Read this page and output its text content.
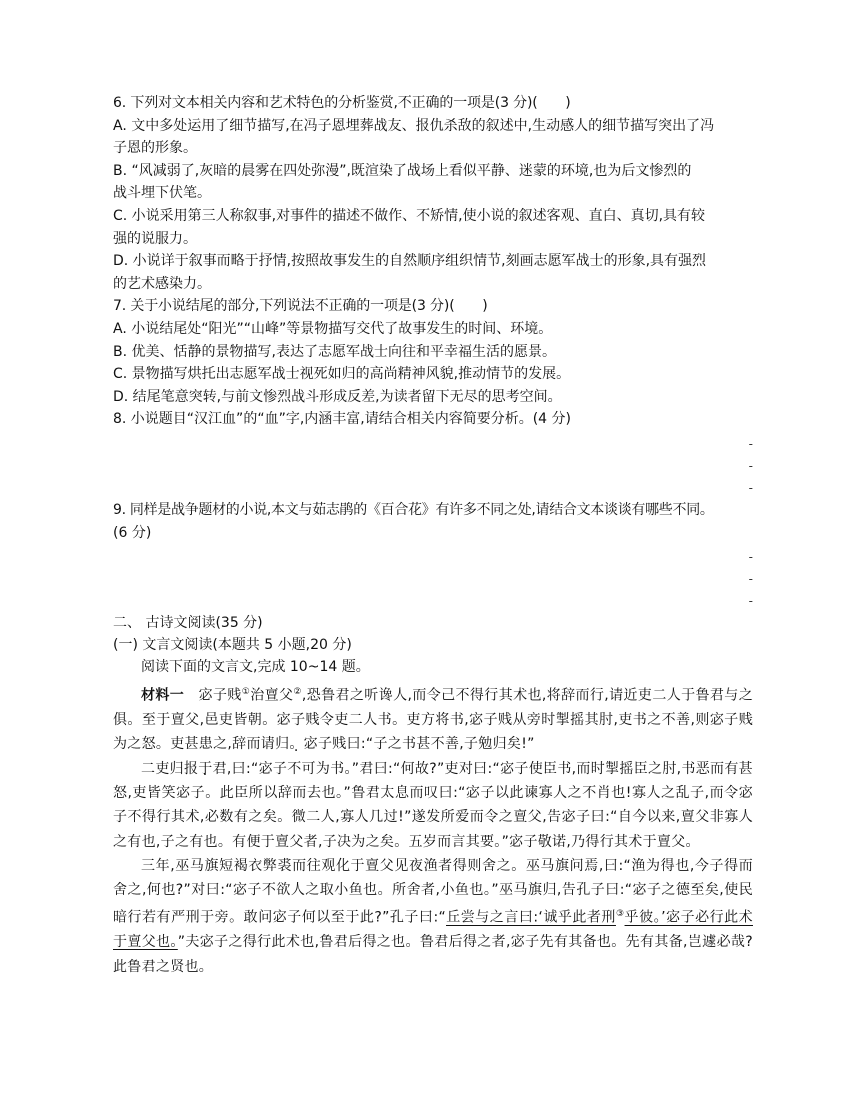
6. 下列对文本相关内容和艺术特色的分析鉴赏,不正确的一项是(3 分)(　　)
A. 文中多处运用了细节描写,在冯子恩埋葬战友、报仇杀敌的叙述中,生动感人的细节描写突出了冯
子恩的形象。
B. “风减弱了,灰暗的晨雾在四处弥漫”,既渲染了战场上看似平静、迷蒙的环境,也为后文惨烈的
战斗埋下伏笔。
C. 小说采用第三人称叙事,对事件的描述不做作、不矫情,使小说的叙述客观、直白、真切,具有较
强的说服力。
D. 小说详于叙事而略于抒情,按照故事发生的自然顺序组织情节,刻画志愿军战士的形象,具有强烈
的艺术感染力。
7. 关于小说结尾的部分,下列说法不正确的一项是(3 分)(　　)
A. 小说结尾处“阳光”“山峰”等景物描写交代了故事发生的时间、环境。
B. 优美、恬静的景物描写,表达了志愿军战士向往和平幸福生活的愿景。
C. 景物描写烘托出志愿军战士视死如归的高尚精神风貌,推动情节的发展。
D. 结尾笔意突转,与前文惨烈战斗形成反差,为读者留下无尽的思考空间。
8. 小说题目“汉江血”的“血”字,内涵丰富,请结合相关内容简要分析。(4 分)
-
-
-
9. 同样是战争题材的小说,本文与茹志鹃的《百合花》有许多不同之处,请结合文本谈谈有哪些不同。
(6 分)
-
-
-
二、 古诗文阅读(35 分)
(一) 文言文阅读(本题共 5 小题,20 分)
阅读下面的文言文,完成 10~14 题。
材料一　宓子贱①治亶父②,恐鲁君之听谗人,而令己不得行其术也,将辞而行,请近吏二人于鲁君与之俱。至于亶父,邑吏皆朝。宓子贱令吏二人书。吏方将书,宓子贱从旁时掣摇其肘,吏书之不善,则宓子贱为之怒。吏甚患之,辞而请归。宓子贱曰:“子之书甚不善,子勉归矣!”
二吏归报于君,曰:“宓子不可为书。”君曰:“何故?”吏对曰:“宓子使臣书,而时掣摇臣之肘,书恶而有甚怒,吏皆笑宓子。此臣所以辞而去也。”鲁君太息而叹曰:“宓子以此谏寡人之不肖也!寡人之乱子,而令宓子不得行其术,必数有之矣。微二人,寡人几过!”遂发所爱而令之亶父,告宓子曰:“自今以来,亶父非寡人之有也,子之有也。有便于亶父者,子决为之矣。五岁而言其要。”宓子敬诺,乃得行其术于亶父。
三年,巫马旗短褐衣弊裘而往观化于亶父见夜渔者得则舍之。巫马旗问焉,曰:“渔为得也,今子得而舍之,何也?”对曰:“宓子不欲人之取小鱼也。所舍者,小鱼也。”巫马旗归,告孔子曰:“宓子之德至矣,使民暗行若有严刑于旁。敢问宓子何以至于此?”孔子曰:“丘尝与之言曰:‘诚乎此者刑③乎彼。’宓子必行此术于亶父也。”夫宓子之得行此术也,鲁君后得之也。鲁君后得之者,宓子先有其备也。先有其备,岂遽必哉?此鲁君之贤也。
